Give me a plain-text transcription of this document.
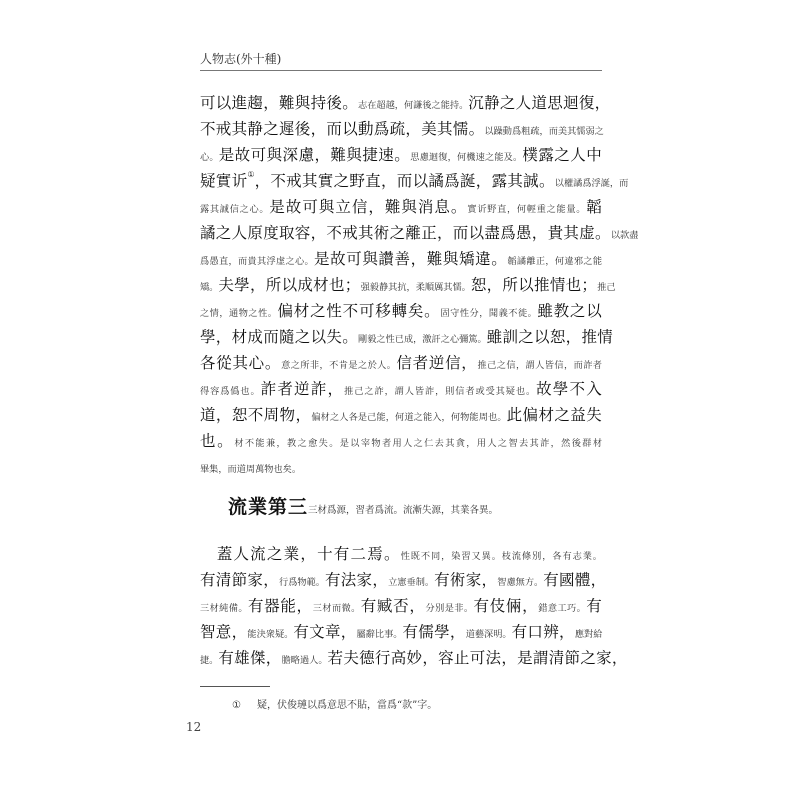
人物志(外十種)
可以進趨，難與持後。志在超越，何謙後之能持。沉静之人道思迴復，
不戒其静之遲後，而以動爲疏，美其懦。以躁動爲粗疏，而美其懦弱之
心。是故可與深慮，難與捷速。思慮迴復，何機速之能及。樸露之人中
疑實䜣①，不戒其實之野直，而以譎爲誕，露其誠。以權譎爲浮誕，而
露其誠信之心。是故可與立信，難與消息。實䜣野直，何輕重之能量。韜
譎之人原度取容，不戒其術之離正，而以盡爲愚，貴其虚。以款盡
爲愚直，而貴其浮虚之心。是故可與讚善，難與矯違。韜譎離正，何違邪之能
矯。夫學，所以成材也；强毅静其抗，柔順厲其懦。恕，所以推情也；推己
之情，通物之性。偏材之性不可移轉矣。固守性分，聞義不徙。雖教之以
學，材成而隨之以失。剛毅之性已成，激訐之心彌篤。雖訓之以恕，推情
各從其心。意之所非，不肯是之於人。信者逆信，推己之信，謂人皆信，而詐者
得容爲僞也。詐者逆詐，推己之詐，謂人皆詐，則信者或受其疑也。故學不入
道，恕不周物，偏材之人各是己能，何道之能入，何物能周也。此偏材之益失
也。材不能兼，教之愈失。是以宰物者用人之仁去其貪，用人之智去其詐，然後群材
畢集，而道周萬物也矣。
流業第三三材爲源，習者爲流。流漸失源，其業各異。
　蓋人流之業，十有二焉。性既不同，染習又異。枝流條別，各有志業。
有清節家，行爲物範。有法家，立憲垂制。有術家，智慮無方。有國體，
三材純備。有器能，三材而微。有臧否，分別是非。有伎倆，錯意工巧。有
智意，能決衆疑。有文章，屬辭比事。有儒學，道藝深明。有口辨，應對給
捷。有雄傑，膽略過人。若夫德行高妙，容止可法，是謂清節之家，
① 疑，伏俊璉以爲意思不貼，當爲“款”字。
12
